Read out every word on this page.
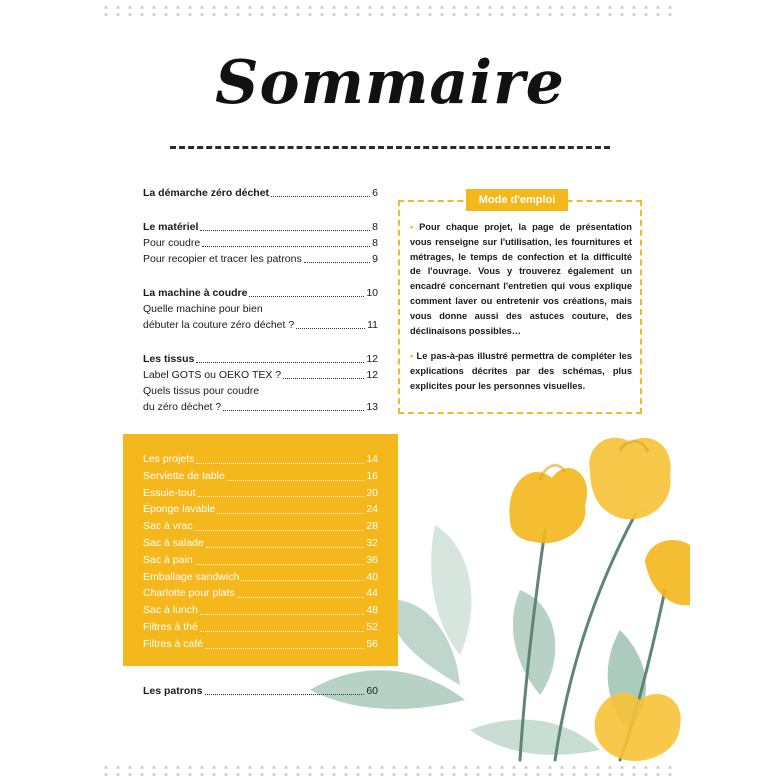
Sommaire
La démarche zéro déchet	6
Le matériel	8
Pour coudre	8
Pour recopier et tracer les patrons	9
La machine à coudre	10
Quelle machine pour bien
débuter la couture zéro déchet ?	11
Les tissus	12
Label GOTS ou OEKO TEX ?	12
Quels tissus pour coudre
du zéro déchet ?	13
Mode d'emploi

• Pour chaque projet, la page de présentation vous renseigne sur l'utilisation, les fournitures et métrages, le temps de confection et la difficulté de l'ouvrage. Vous y trouverez également un encadré concernant l'entretien qui vous explique comment laver ou entretenir vos créations, mais vous donne aussi des astuces couture, des déclinaisons possibles…

• Le pas-à-pas illustré permettra de compléter les explications décrites par des schémas, plus explicites pour les personnes visuelles.

Les projets	14
Serviette de table	16
Essuie-tout	20
Éponge lavable	24
Sac à vrac	28
Sac à salade	32
Sac à pain	36
Emballage sandwich	40
Charlotte pour plats	44
Sac à lunch	48
Filtres à thé	52
Filtres à café	56
Les patrons	60
